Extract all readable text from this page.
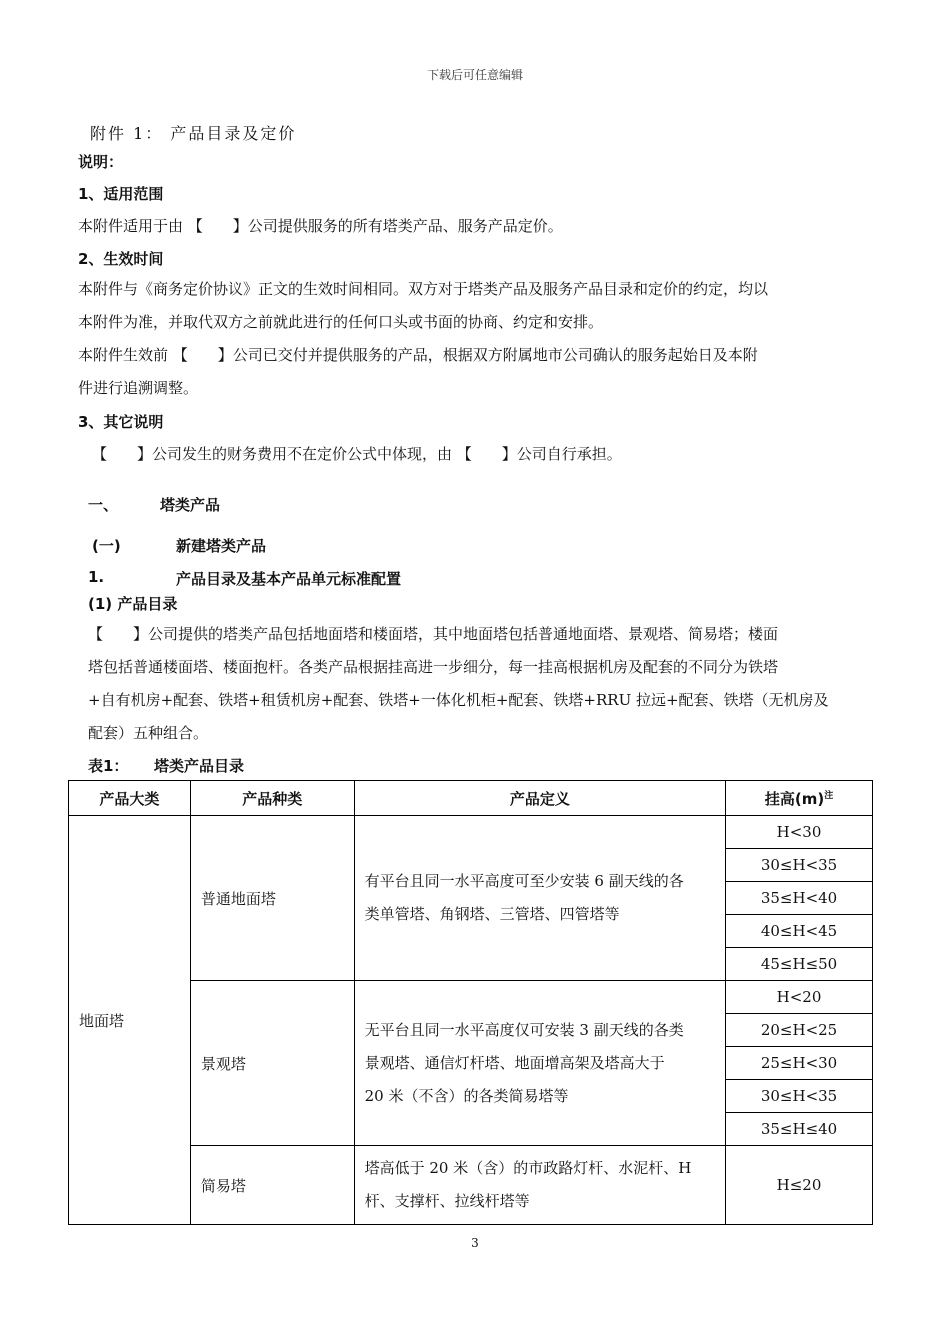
下载后可任意编辑
附件 1： 产品目录及定价
说明：
1、适用范围
本附件适用于由 【　　】公司提供服务的所有塔类产品、服务产品定价。
2、生效时间
本附件与《商务定价协议》正文的生效时间相同。双方对于塔类产品及服务产品目录和定价的约定，均以
本附件为准，并取代双方之前就此进行的任何口头或书面的协商、约定和安排。
本附件生效前 【　　】公司已交付并提供服务的产品，根据双方附属地市公司确认的服务起始日及本附
件进行追溯调整。
3、其它说明
【　　】公司发生的财务费用不在定价公式中体现，由 【　　】公司自行承担。
一、	塔类产品
(一)	新建塔类产品
1.	产品目录及基本产品单元标准配置
(1) 产品目录
【　　】公司提供的塔类产品包括地面塔和楼面塔，其中地面塔包括普通地面塔、景观塔、简易塔；楼面
塔包括普通楼面塔、楼面抱杆。各类产品根据挂高进一步细分，每一挂高根据机房及配套的不同分为铁塔
+自有机房+配套、铁塔+租赁机房+配套、铁塔+一体化机柜+配套、铁塔+RRU 拉远+配套、铁塔（无机房及
配套）五种组合。
表1： 塔类产品目录
产品大类	产品种类	产品定义	挂高$(m)^注$
地面塔	普通地面塔	有平台且同一水平高度可至少安装 6 副天线的各
类单管塔、角钢塔、三管塔、四管塔等	H<30
			30≤H<35
			35≤H<40
			40≤H<45
			45≤H≤50
	景观塔	无平台且同一水平高度仅可安装 3 副天线的各类
景观塔、通信灯杆塔、地面增高架及塔高大于
20 米（不含）的各类简易塔等	H<20
			20≤H<25
			25≤H<30
			30≤H<35
			35≤H≤40
	简易塔	塔高低于 20 米（含）的市政路灯杆、水泥杆、H
杆、支撑杆、拉线杆塔等	H≤20
3
